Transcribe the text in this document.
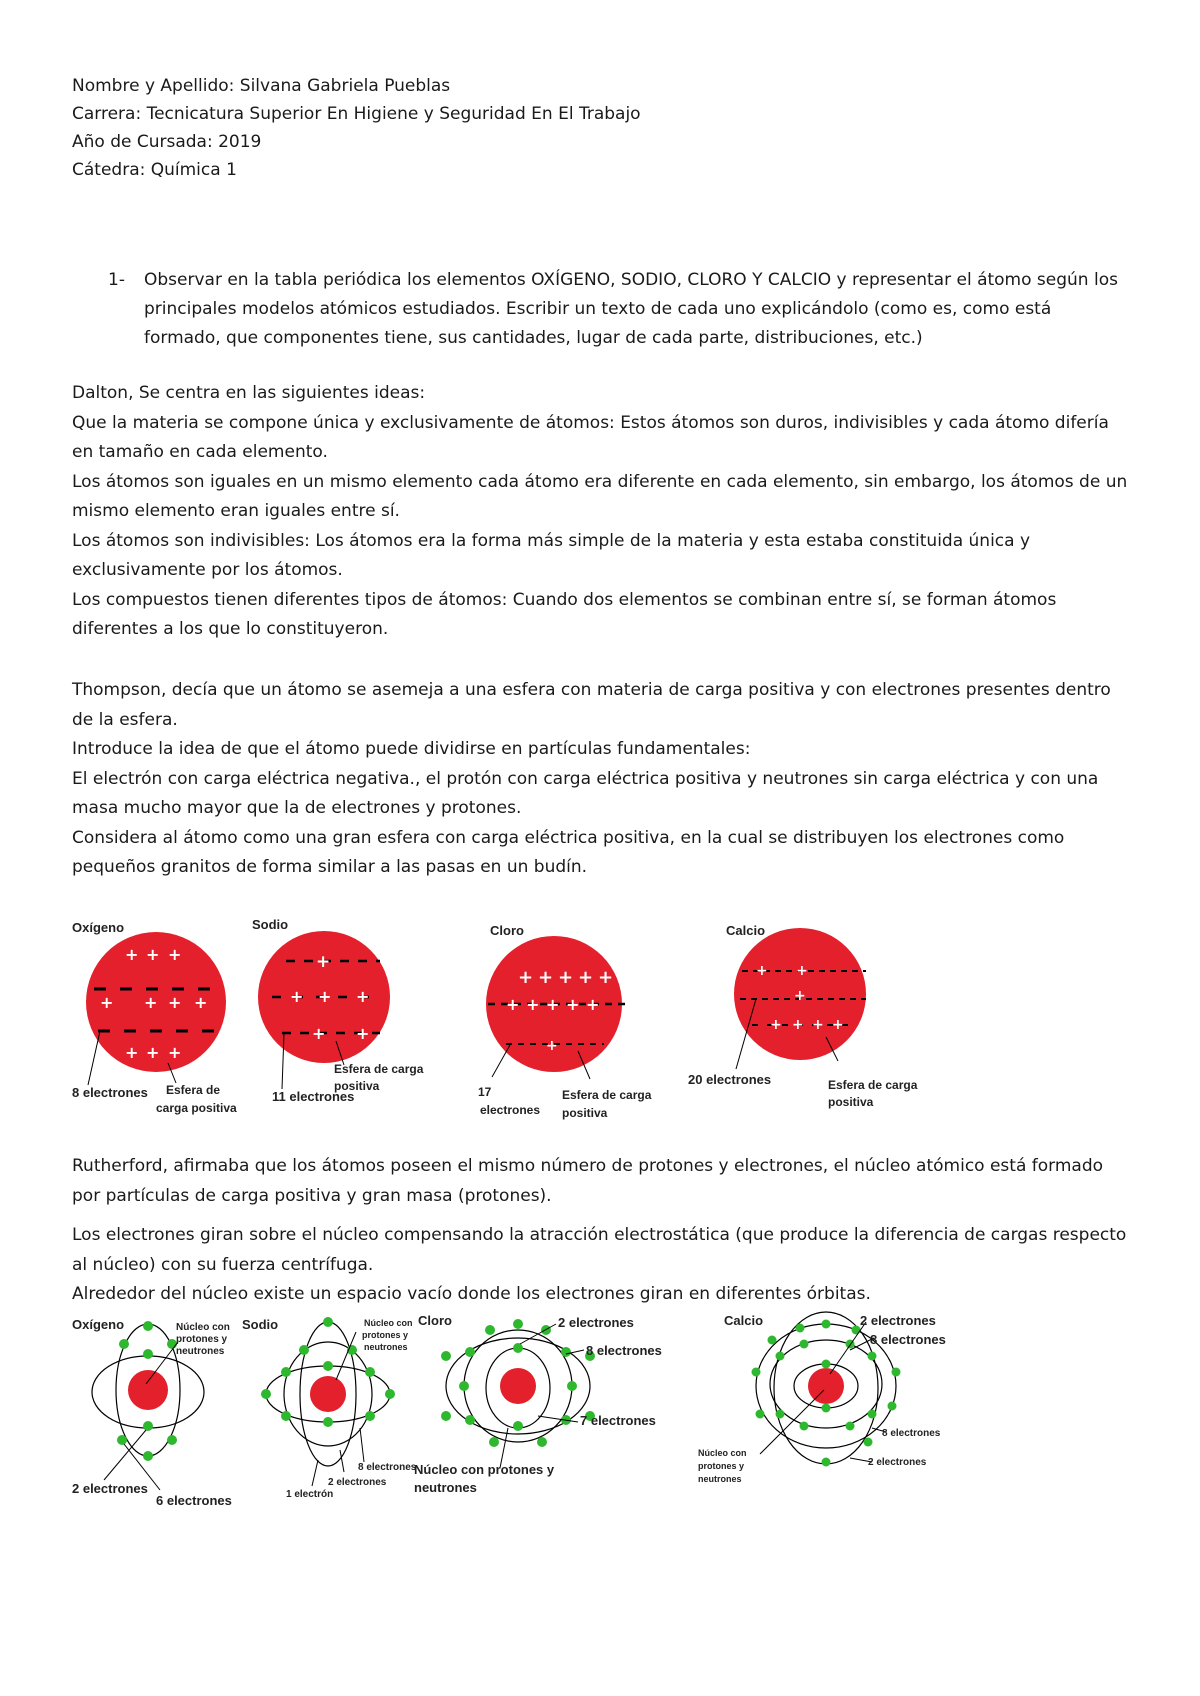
Nombre y Apellido: Silvana Gabriela Pueblas

Carrera: Tecnicatura Superior En Higiene y Seguridad En El Trabajo

Año de Cursada: 2019

Cátedra: Química 1

1- Observar en la tabla periódica los elementos OXÍGENO, SODIO, CLORO Y CALCIO y representar el átomo según los principales modelos atómicos estudiados. Escribir un texto de cada uno explicándolo (como es, como está formado, que componentes tiene, sus cantidades, lugar de cada parte, distribuciones, etc.)

Dalton, Se centra en las siguientes ideas:

Que la materia se compone única y exclusivamente de átomos: Estos átomos son duros, indivisibles y cada átomo difería en tamaño en cada elemento.

Los átomos son iguales en un mismo elemento cada átomo era diferente en cada elemento, sin embargo, los átomos de un mismo elemento eran iguales entre sí.

Los átomos son indivisibles: Los átomos era la forma más simple de la materia y esta estaba constituida única y exclusivamente por los átomos.

Los compuestos tienen diferentes tipos de átomos: Cuando dos elementos se combinan entre sí, se forman átomos diferentes a los que lo constituyeron.

Thompson, decía que un átomo se asemeja a una esfera con materia de carga positiva y con electrones presentes dentro de la esfera.

Introduce la idea de que el átomo puede dividirse en partículas fundamentales:

El electrón con carga eléctrica negativa., el protón con carga eléctrica positiva y neutrones sin carga eléctrica y con una masa mucho mayor que la de electrones y protones.

Considera al átomo como una gran esfera con carga eléctrica positiva, en la cual se distribuyen los electrones como pequeños granitos de forma similar a las pasas en un budín.

Oxígeno
+ + +
+ + + +
+ + +
8 electrones Esfera de
carga positiva
Sodio
+
+ + +
+ +
Esfera de carga
positiva
11 electrones
Cloro
+ + + + +
+ + + + +
+
17
electrones
Esfera de carga
positiva
Calcio
+ +
+
+ + + +
20 electrones	Esfera de carga
positiva

Rutherford, afirmaba que los átomos poseen el mismo número de protones y electrones, el núcleo atómico está formado por partículas de carga positiva y gran masa (protones).

Los electrones giran sobre el núcleo compensando la atracción electrostática (que produce la diferencia de cargas respecto al núcleo) con su fuerza centrífuga.

Alrededor del núcleo existe un espacio vacío donde los electrones giran en diferentes órbitas.

Oxígeno	Núcleo con
protones y
neutrones
2 electrones
6 electrones
Sodio	Núcleo con
protones y
neutrones
8 electrones
2 electrones
1 electrón
Cloro	2 electrones
8 electrones
7 electrones
Núcleo con protones y
neutrones
Calcio	2 electrones
8 electrones
8 electrones
2 electrones
Núcleo con
protones y
neutrones
